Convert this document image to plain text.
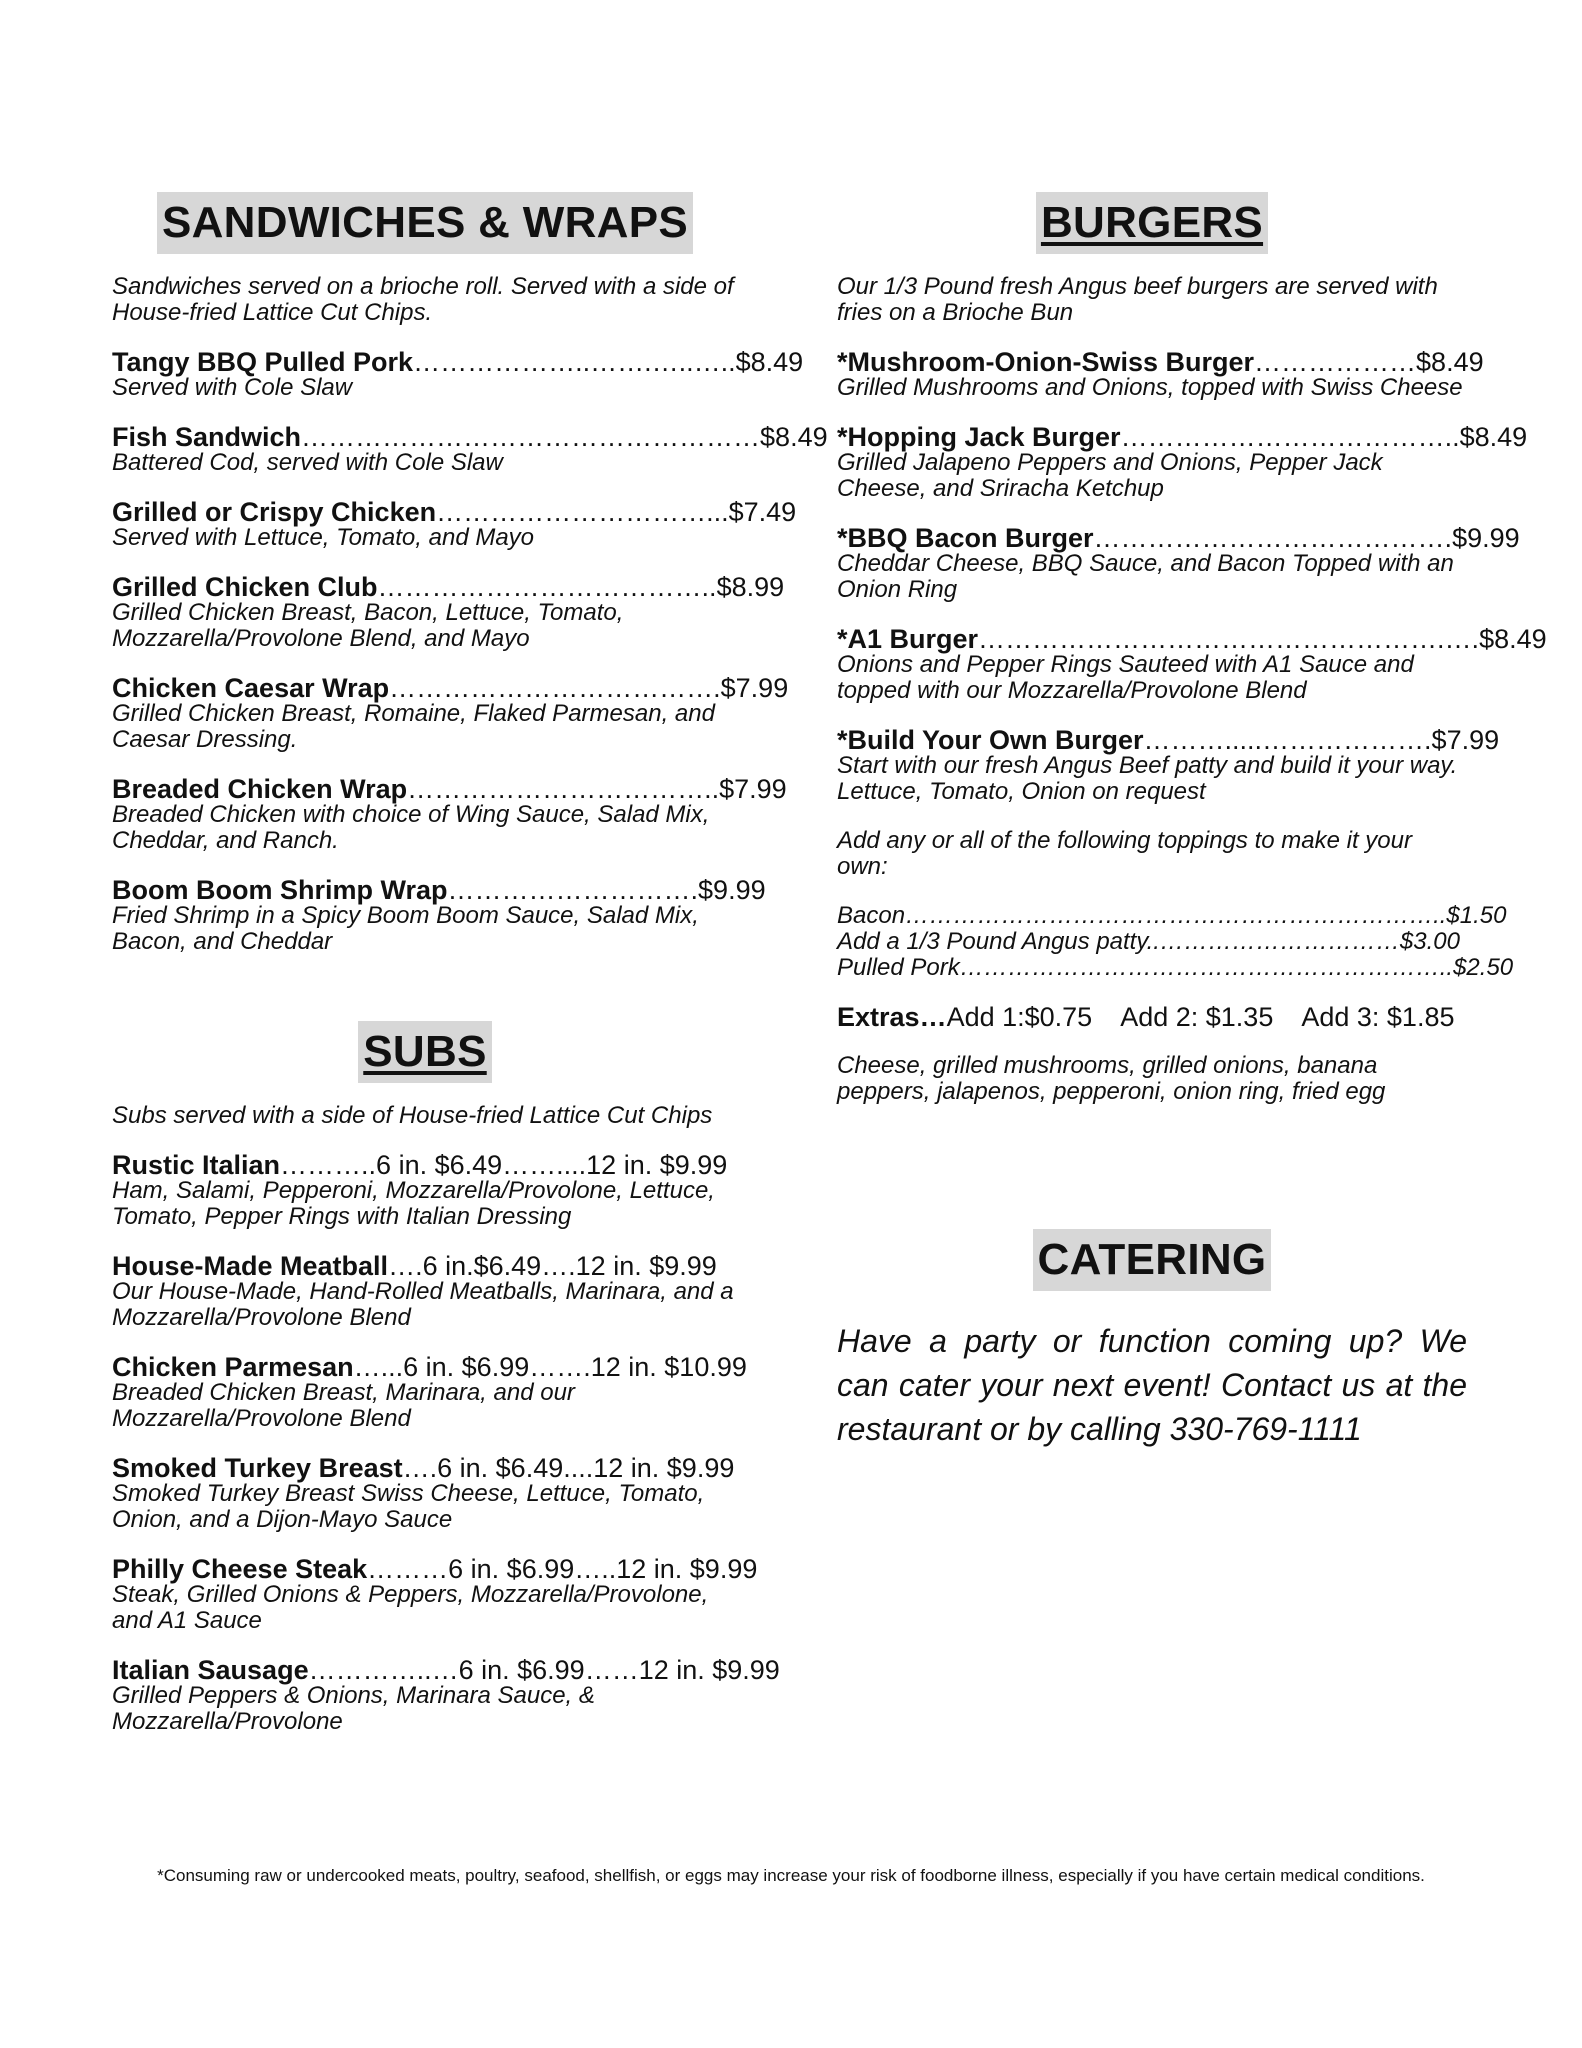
SANDWICHES & WRAPS
Sandwiches served on a brioche roll. Served with a side of House-fried Lattice Cut Chips.
Tangy BBQ Pulled Pork………………..…….…..…..$8.49
Served with Cole Slaw
Fish Sandwich……………………………………………$8.49
Battered Cod, served with Cole Slaw
Grilled or Crispy Chicken…………………………...$7.49
Served with Lettuce, Tomato, and Mayo
Grilled Chicken Club………………………………..$8.99
Grilled Chicken Breast, Bacon, Lettuce, Tomato, Mozzarella/Provolone Blend, and Mayo
Chicken Caesar Wrap……………………………….$7.99
Grilled Chicken Breast, Romaine, Flaked Parmesan, and Caesar Dressing.
Breaded Chicken Wrap……………………………..$7.99
Breaded Chicken with choice of Wing Sauce, Salad Mix, Cheddar, and Ranch.
Boom Boom Shrimp Wrap……………………….$9.99
Fried Shrimp in a Spicy Boom Boom Sauce, Salad Mix, Bacon, and Cheddar
SUBS
Subs served with a side of House-fried Lattice Cut Chips
Rustic Italian………..6 in. $6.49……....12 in. $9.99
Ham, Salami, Pepperoni, Mozzarella/Provolone, Lettuce, Tomato, Pepper Rings with Italian Dressing
House-Made Meatball….6 in.$6.49….12 in. $9.99
Our House-Made, Hand-Rolled Meatballs, Marinara, and a Mozzarella/Provolone Blend
Chicken Parmesan…...6 in. $6.99…….12 in. $10.99
Breaded Chicken Breast, Marinara, and our Mozzarella/Provolone Blend
Smoked Turkey Breast….6 in. $6.49....12 in. $9.99
Smoked Turkey Breast Swiss Cheese, Lettuce, Tomato, Onion, and a Dijon-Mayo Sauce
Philly Cheese Steak………6 in. $6.99…..12 in. $9.99
Steak, Grilled Onions & Peppers, Mozzarella/Provolone, and A1 Sauce
Italian Sausage…………..…6 in. $6.99……12 in. $9.99
Grilled Peppers & Onions, Marinara Sauce, & Mozzarella/Provolone
BURGERS
Our 1/3 Pound fresh Angus beef burgers are served with fries on a Brioche Bun
*Mushroom-Onion-Swiss Burger………………$8.49
Grilled Mushrooms and Onions, topped with Swiss Cheese
*Hopping Jack Burger………………………………..$8.49
Grilled Jalapeno Peppers and Onions, Pepper Jack Cheese, and Sriracha Ketchup
*BBQ Bacon Burger………………………………….$9.99
Cheddar Cheese, BBQ Sauce, and Bacon Topped with an Onion Ring
*A1 Burger…………………………………………….….$8.49
Onions and Pepper Rings Sauteed with A1 Sauce and topped with our Mozzarella/Provolone Blend
*Build Your Own Burger……….....……………….$7.99
Start with our fresh Angus Beef patty and build it your way. Lettuce, Tomato, Onion on request
Add any or all of the following toppings to make it your own:
Bacon…………………………………………………………..$1.50
Add a 1/3 Pound Angus patty..…………………………$3.00
Pulled Pork……………………………………………………..$2.50
Extras…Add 1:$0.75 Add 2: $1.35 Add 3: $1.85
Cheese, grilled mushrooms, grilled onions, banana peppers, jalapenos, pepperoni, onion ring, fried egg
CATERING
Have a party or function coming up? We can cater your next event! Contact us at the restaurant or by calling 330-769-1111
*Consuming raw or undercooked meats, poultry, seafood, shellfish, or eggs may increase your risk of foodborne illness, especially if you have certain medical conditions.
